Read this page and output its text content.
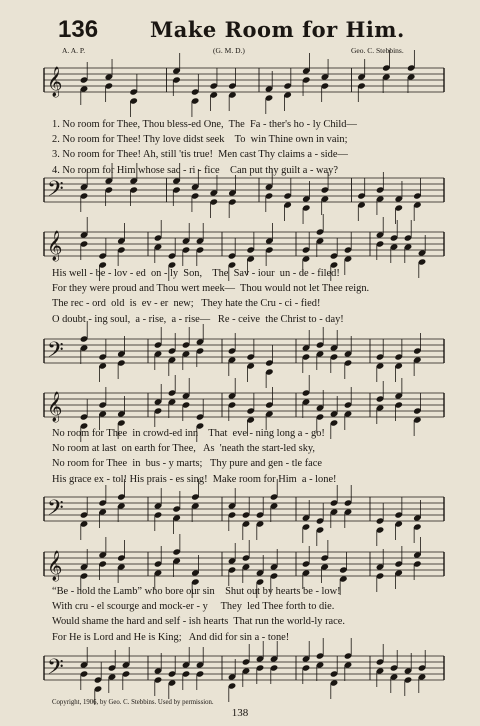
136 Make Room for Him.
A. A. P.	(G. M. D.)	Geo. C. Stebbins.
𝄞
1. No room for Thee, Thou bless-ed One,  The  Fa - ther's ho - ly Child—
2. No room for Thee! Thy love didst seek    To  win Thine own in vain;
3. No room for Thee! Ah, still 'tis true!  Men cast Thy claims a - side—
4. No room for Him whose sac - ri - fice    Can put thy guilt a - way?
𝄢
𝄞
His well - be - lov - ed  on - ly  Son,    The  Sav - iour  un - de - filed!
For they were proud and Thou wert meek—  Thou would not let Thee reign.
The rec - ord  old  is  ev - er  new;   They hate the Cru - ci - fied!
O doubt - ing soul,  a - rise,  a - rise—   Re - ceive  the Christ to - day!
𝄢
𝄞
No room for Thee  in crowd-ed inn    That  eve - ning long a - go!
No room at last  on earth for Thee,   As  'neath the start-led sky,
No room for Thee  in  bus - y marts;   Thy pure and gen - tle face
His grace ex - tol! His prais - es sing!  Make room for Him  a - lone!
𝄢
𝄞
“Be - hold the Lamb” who bore our sin    Shut out by hearts be - low!
With cru - el scourge and mock-er - y     They  led Thee forth to die.
Would shame the hard and self - ish hearts  That run the world-ly race.
For He is Lord and He is King;   And did for sin a - tone!
𝄢
Copyright, 1906, by Geo. C. Stebbins. Used by permission.
138
